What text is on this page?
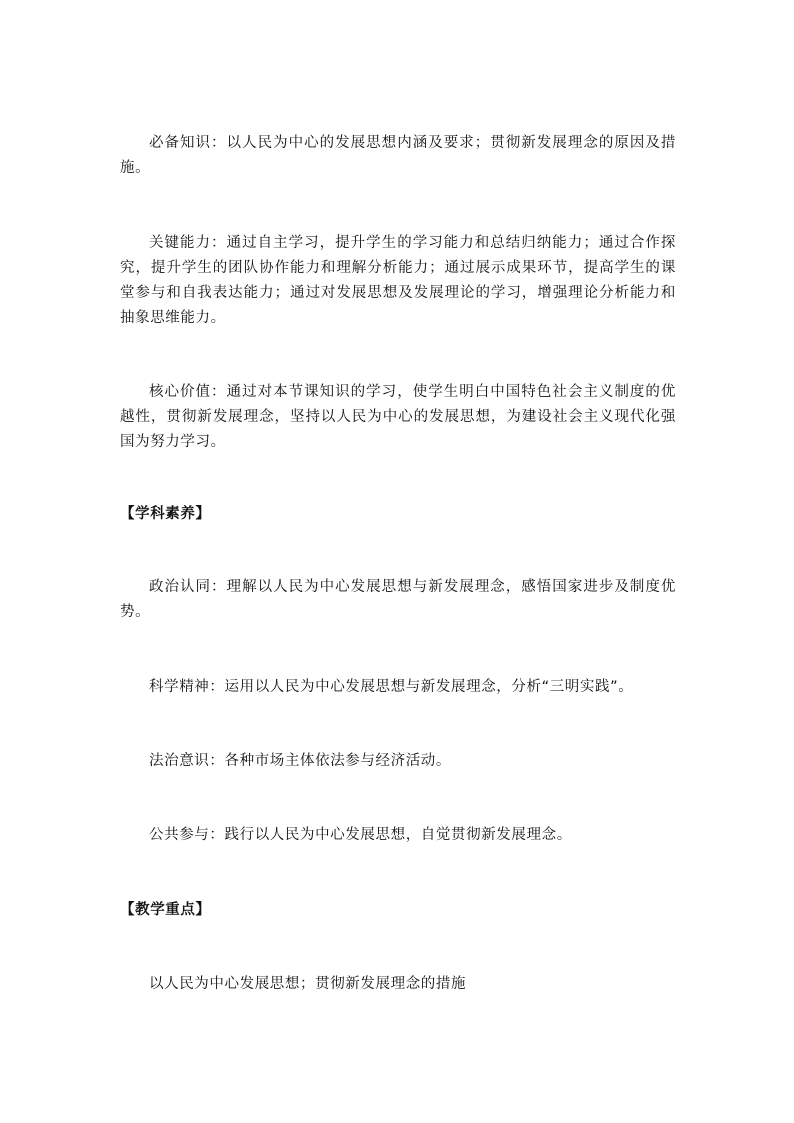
必备知识：以人民为中心的发展思想内涵及要求；贯彻新发展理念的原因及措施。

关键能力：通过自主学习，提升学生的学习能力和总结归纳能力；通过合作探究，提升学生的团队协作能力和理解分析能力；通过展示成果环节，提高学生的课堂参与和自我表达能力；通过对发展思想及发展理论的学习，增强理论分析能力和抽象思维能力。

核心价值：通过对本节课知识的学习，使学生明白中国特色社会主义制度的优越性，贯彻新发展理念，坚持以人民为中心的发展思想，为建设社会主义现代化强国为努力学习。

【学科素养】

政治认同：理解以人民为中心发展思想与新发展理念，感悟国家进步及制度优势。

科学精神：运用以人民为中心发展思想与新发展理念，分析“三明实践”。

法治意识：各种市场主体依法参与经济活动。

公共参与：践行以人民为中心发展思想，自觉贯彻新发展理念。

【教学重点】

以人民为中心发展思想；贯彻新发展理念的措施
